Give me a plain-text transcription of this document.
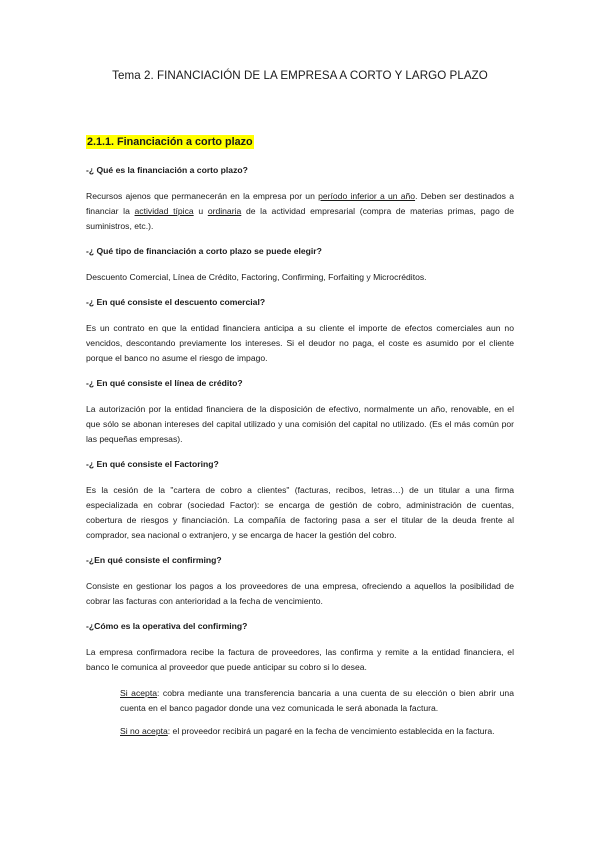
Tema 2. FINANCIACIÓN DE LA EMPRESA A CORTO Y LARGO PLAZO
2.1.1. Financiación a corto plazo
-¿ Qué es la financiación a corto plazo?
Recursos ajenos que permanecerán en la empresa por un período inferior a un año. Deben ser destinados a financiar la actividad típica u ordinaria de la actividad empresarial (compra de materias primas, pago de suministros, etc.).
-¿ Qué tipo de financiación a corto plazo se puede elegir?
Descuento Comercial, Línea de Crédito, Factoring, Confirming, Forfaiting y Microcréditos.
-¿ En qué consiste el descuento comercial?
Es un contrato en que la entidad financiera anticipa a su cliente el importe de efectos comerciales aun no vencidos, descontando previamente los intereses. Si el deudor no paga, el coste es asumido por el cliente porque el banco no asume el riesgo de impago.
-¿ En qué consiste el línea de crédito?
La autorización por la entidad financiera de la disposición de efectivo, normalmente un año, renovable, en el que sólo se abonan intereses del capital utilizado y una comisión del capital no utilizado. (Es el más común por las pequeñas empresas).
-¿ En qué consiste el Factoring?
Es la cesión de la "cartera de cobro a clientes" (facturas, recibos, letras…) de un titular a una firma especializada en cobrar (sociedad Factor): se encarga de gestión de cobro, administración de cuentas, cobertura de riesgos y financiación. La compañía de factoring pasa a ser el titular de la deuda frente al comprador, sea nacional o extranjero, y se encarga de hacer la gestión del cobro.
-¿En qué consiste el confirming?
Consiste en gestionar los pagos a los proveedores de una empresa, ofreciendo a aquellos la posibilidad de cobrar las facturas con anterioridad a la fecha de vencimiento.
-¿Cómo es la operativa del confirming?
La empresa confirmadora recibe la factura de proveedores, las confirma y remite a la entidad financiera, el banco le comunica al proveedor que puede anticipar su cobro si lo desea.
Si acepta: cobra mediante una transferencia bancaria a una cuenta de su elección o bien abrir una cuenta en el banco pagador donde una vez comunicada le será abonada la factura.
Si no acepta: el proveedor recibirá un pagaré en la fecha de vencimiento establecida en la factura.
